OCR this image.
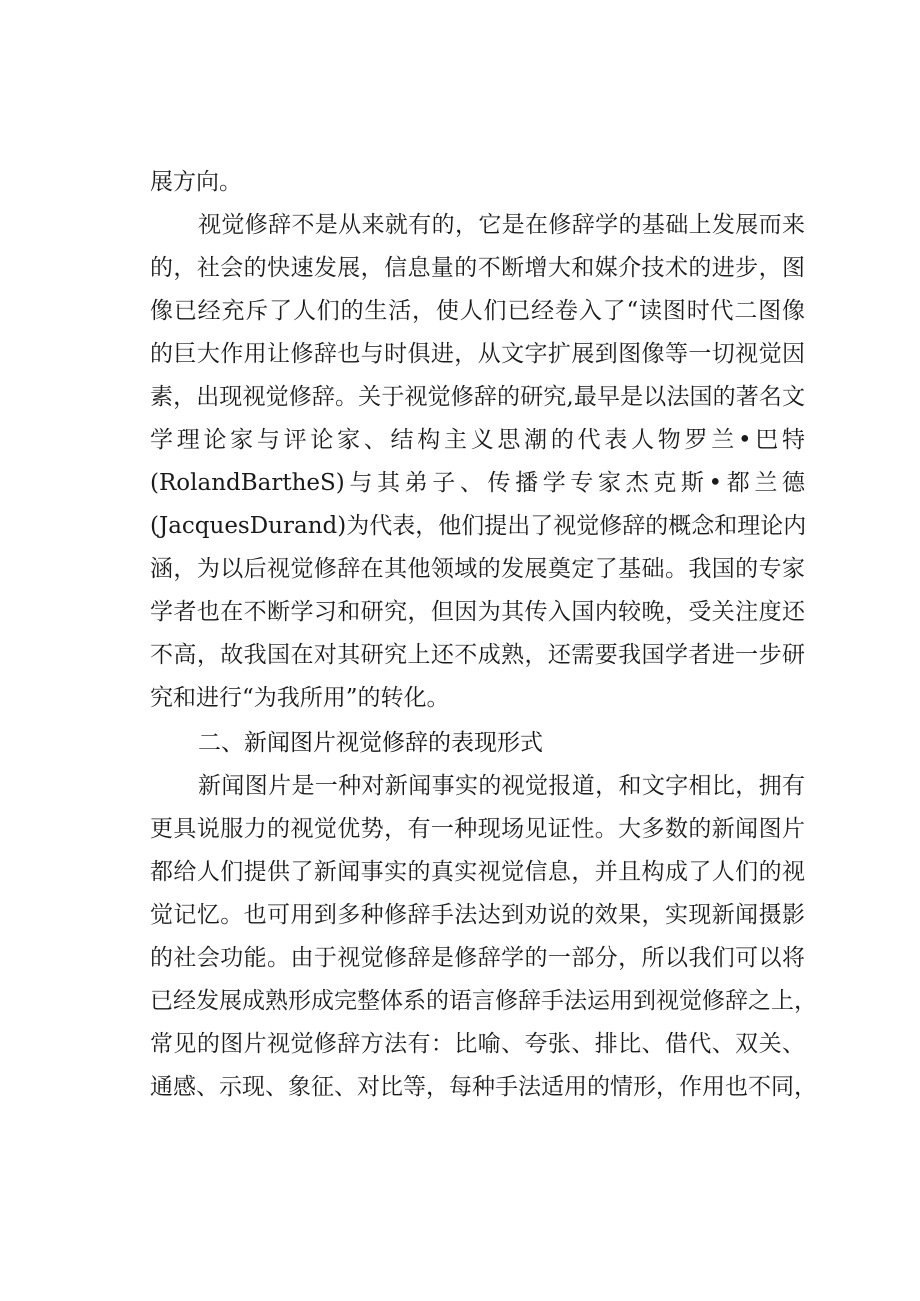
展方向。
视觉修辞不是从来就有的，它是在修辞学的基础上发展而来
的，社会的快速发展，信息量的不断增大和媒介技术的进步，图
像已经充斥了人们的生活，使人们已经卷入了“读图时代二图像
的巨大作用让修辞也与时俱进，从文字扩展到图像等一切视觉因
素，出现视觉修辞。关于视觉修辞的研究,最早是以法国的著名文
学理论家与评论家、结构主义思潮的代表人物罗兰•巴特
(RolandBartheS)与其弟子、传播学专家杰克斯•都兰德
(JacquesDurand)为代表，他们提出了视觉修辞的概念和理论内
涵，为以后视觉修辞在其他领域的发展奠定了基础。我国的专家
学者也在不断学习和研究，但因为其传入国内较晚，受关注度还
不高，故我国在对其研究上还不成熟，还需要我国学者进一步研
究和进行“为我所用”的转化。
二、新闻图片视觉修辞的表现形式
新闻图片是一种对新闻事实的视觉报道，和文字相比，拥有
更具说服力的视觉优势，有一种现场见证性。大多数的新闻图片
都给人们提供了新闻事实的真实视觉信息，并且构成了人们的视
觉记忆。也可用到多种修辞手法达到劝说的效果，实现新闻摄影
的社会功能。由于视觉修辞是修辞学的一部分，所以我们可以将
已经发展成熟形成完整体系的语言修辞手法运用到视觉修辞之上，
常见的图片视觉修辞方法有：比喻、夸张、排比、借代、双关、
通感、示现、象征、对比等，每种手法适用的情形，作用也不同，
